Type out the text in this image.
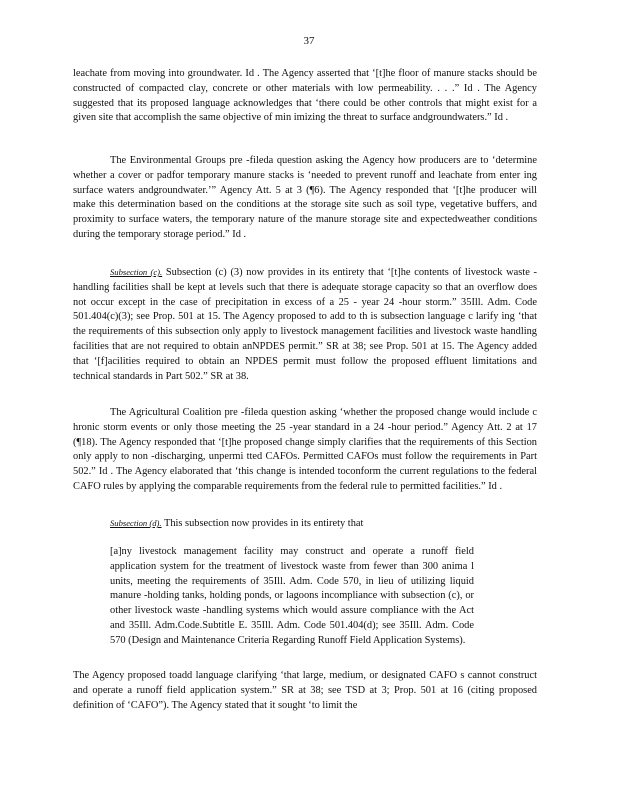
37
leachate from moving into groundwater. Id . The Agency asserted that ‘[t]he floor of manure stacks should be constructed of compacted clay, concrete or other materials with low permeability. . . .” Id . The Agency suggested that its proposed language acknowledges that ‘there could be other controls that might exist for a given site that accomplish the same objective of min imizing the threat to surface andgroundwaters.” Id .
The Environmental Groups pre -fileda question asking the Agency how producers are to ‘determine whether a cover or padfor temporary manure stacks is ‘needed to prevent runoff and leachate from enter ing surface waters andgroundwater.’” Agency Att. 5 at 3 (¶6). The Agency responded that ‘[t]he producer will make this determination based on the conditions at the storage site such as soil type, vegetative buffers, and proximity to surface waters, the temporary nature of the manure storage site and expectedweather conditions during the temporary storage period.” Id .
Subsection (c). Subsection (c) (3) now provides in its entirety that ‘[t]he contents of livestock waste -handling facilities shall be kept at levels such that there is adequate storage capacity so that an overflow does not occur except in the case of precipitation in excess of a 25 - year 24 -hour storm.” 35Ill. Adm. Code 501.404(c)(3); see Prop. 501 at 15. The Agency proposed to add to th is subsection language c larify ing ‘that the requirements of this subsection only apply to livestock management facilities and livestock waste handling facilities that are not required to obtain anNPDES permit.” SR at 38; see Prop. 501 at 15. The Agency added that ‘[f]acilities required to obtain an NPDES permit must follow the proposed effluent limitations and technical standards in Part 502.” SR at 38.
The Agricultural Coalition pre -fileda question asking ‘whether the proposed change would include c hronic storm events or only those meeting the 25 -year standard in a 24 -hour period.” Agency Att. 2 at 17 (¶18). The Agency responded that ‘[t]he proposed change simply clarifies that the requirements of this Section only apply to non -discharging, unpermi tted CAFOs. Permitted CAFOs must follow the requirements in Part 502.” Id . The Agency elaborated that ‘this change is intended toconform the current regulations to the federal CAFO rules by applying the comparable requirements from the federal rule to permitted facilities.” Id .
Subsection (d). This subsection now provides in its entirety that
[a]ny livestock management facility may construct and operate a runoff field application system for the treatment of livestock waste from fewer than 300 anima l units, meeting the requirements of 35Ill. Adm. Code 570, in lieu of utilizing liquid manure -holding tanks, holding ponds, or lagoons incompliance with subsection (c), or other livestock waste -handling systems which would assure compliance with the Act and 35Ill. Adm.Code.Subtitle E. 35Ill. Adm. Code 501.404(d); see 35Ill. Adm. Code 570 (Design and Maintenance Criteria Regarding Runoff Field Application Systems).
The Agency proposed toadd language clarifying ‘that large, medium, or designated CAFO s cannot construct and operate a runoff field application system.” SR at 38; see TSD at 3; Prop. 501 at 16 (citing proposed definition of ‘CAFO”). The Agency stated that it sought ‘to limit the
